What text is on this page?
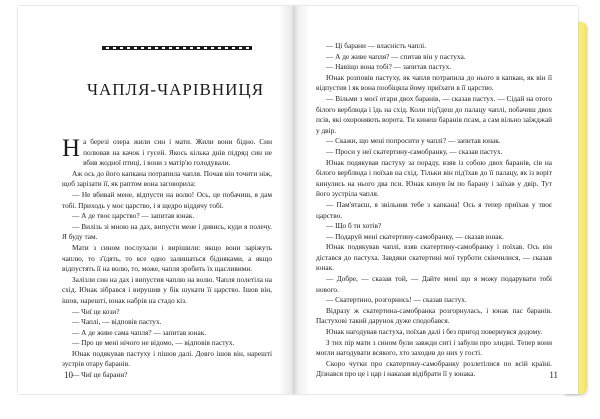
ЧАПЛЯ-ЧАРІВНИЦЯ

На березі озера жили син і мати. Жили вони бідно. Син полював на качок і гусей. Якось кілька днів підряд син не вбив жодної птиці, і вони з матір'ю голодували.

Аж ось до його капкана потрапила чапля. Почав він точити ніж, щоб зарізати її, як раптом вона заговорила:

— Не вбивай мене, відпусти на волю! Ось, це побачиш, я дам тобі. Приходь у моє царство, і я щедро віддячу тобі.

— А де твоє царство? — запитав юнак.

— Вилізь зі мною на дах, випусти мене і дивись, куди я полечу. Я буду там.

Мати з сином послухали і вирішили: якщо вони заріжуть чаплю, то з'їдять, то все одно залишаться бідняками, а якщо відпустять її на волю, то, може, чапля зробить їх щасливими.

Залізли син на дах і випустив чаплю на волю. Чапля полетіла на схід. Юнак зібрався і вирушив у бік шукати її царство. Ішов він, ішов, нарешті, юнак набрів на стадо кіз.

— Чиї це кози?

— Чаплі, — відповів пастух.

— А де живе сама чапля? — запитав юнак.

— Про це мені нічого не відомо, — відповів пастух.

Юнак подякував пастуху і пішов далі. Довго ішов він, нарешті зустрів отару баранів.

— Чиї це барани?

10

— Ці барани — власність чаплі.

— А де живе чапля? — спитав він у пастуха.

— Навіщо вона тобі? — запитав пастух.

Юнак розповів пастуху, як чапля потрапила до нього в капкан, як він її відпустив і як вона пообіцяла йому приїхати в її царство.

— Вільми з моєї отари двох баранів, — сказав пастух. — Сідай на отого білого верблюда і їдь на схід. Коли під'їдеш до палацу чаплі, побачиш двох псів, які охороняють ворота. Ти кинеш баранів псам, а сам вільно заїжджай у двір.

— Скажи, що мені попросити у чаплі? — запитав юнак.

— Проси у неї скатертину-самобранку, — сказав пастух.

Юнак подякував пастуху за пораду, взяв із собою двох баранів, сів на білого верблюда і поїхав на схід. Тільки він під'їхав до її палацу, як із воріт кинулись на нього два пси. Юнак кинув їм по барану і заїхав у двір. Тут його зустріла чапля.

— Пам'ятаєш, я звільнив тебе з капкана! Ось я тепер приїхав у твоє царство.

— Що б ти хотів?

— Подаруй мені скатертину-самобранку, — сказав юнак.

Юнак подякував чаплі, взяв скатертину-самобранку і поїхав. Ось він дістався до пастуха. Завдяки скатертині мої турботи скінчилися, — сказав юнак.

— Добре, — сказав той, — Дайте мені що я можу подарувати тобі нового.

— Скатертино, розгорнись! — сказав пастух.

Відразу ж скатертина-самобранка розгорнулась, і юнак пас баранів. Пастухові такий дарунок дуже сподобався.

Юнак нагодував пастуха, поїхав далі і без пригод повернувся додому.

З тих пір мати з сином були завжди ситі і забули про злидні. Тепер вони могли нагодувати всякого, хто заходив до них у гості.

Скоро чутки про скатертину-самобранку розлетілися по всій країні. Дізнався про це і цар і наказав відібрати її у юнака.	11
